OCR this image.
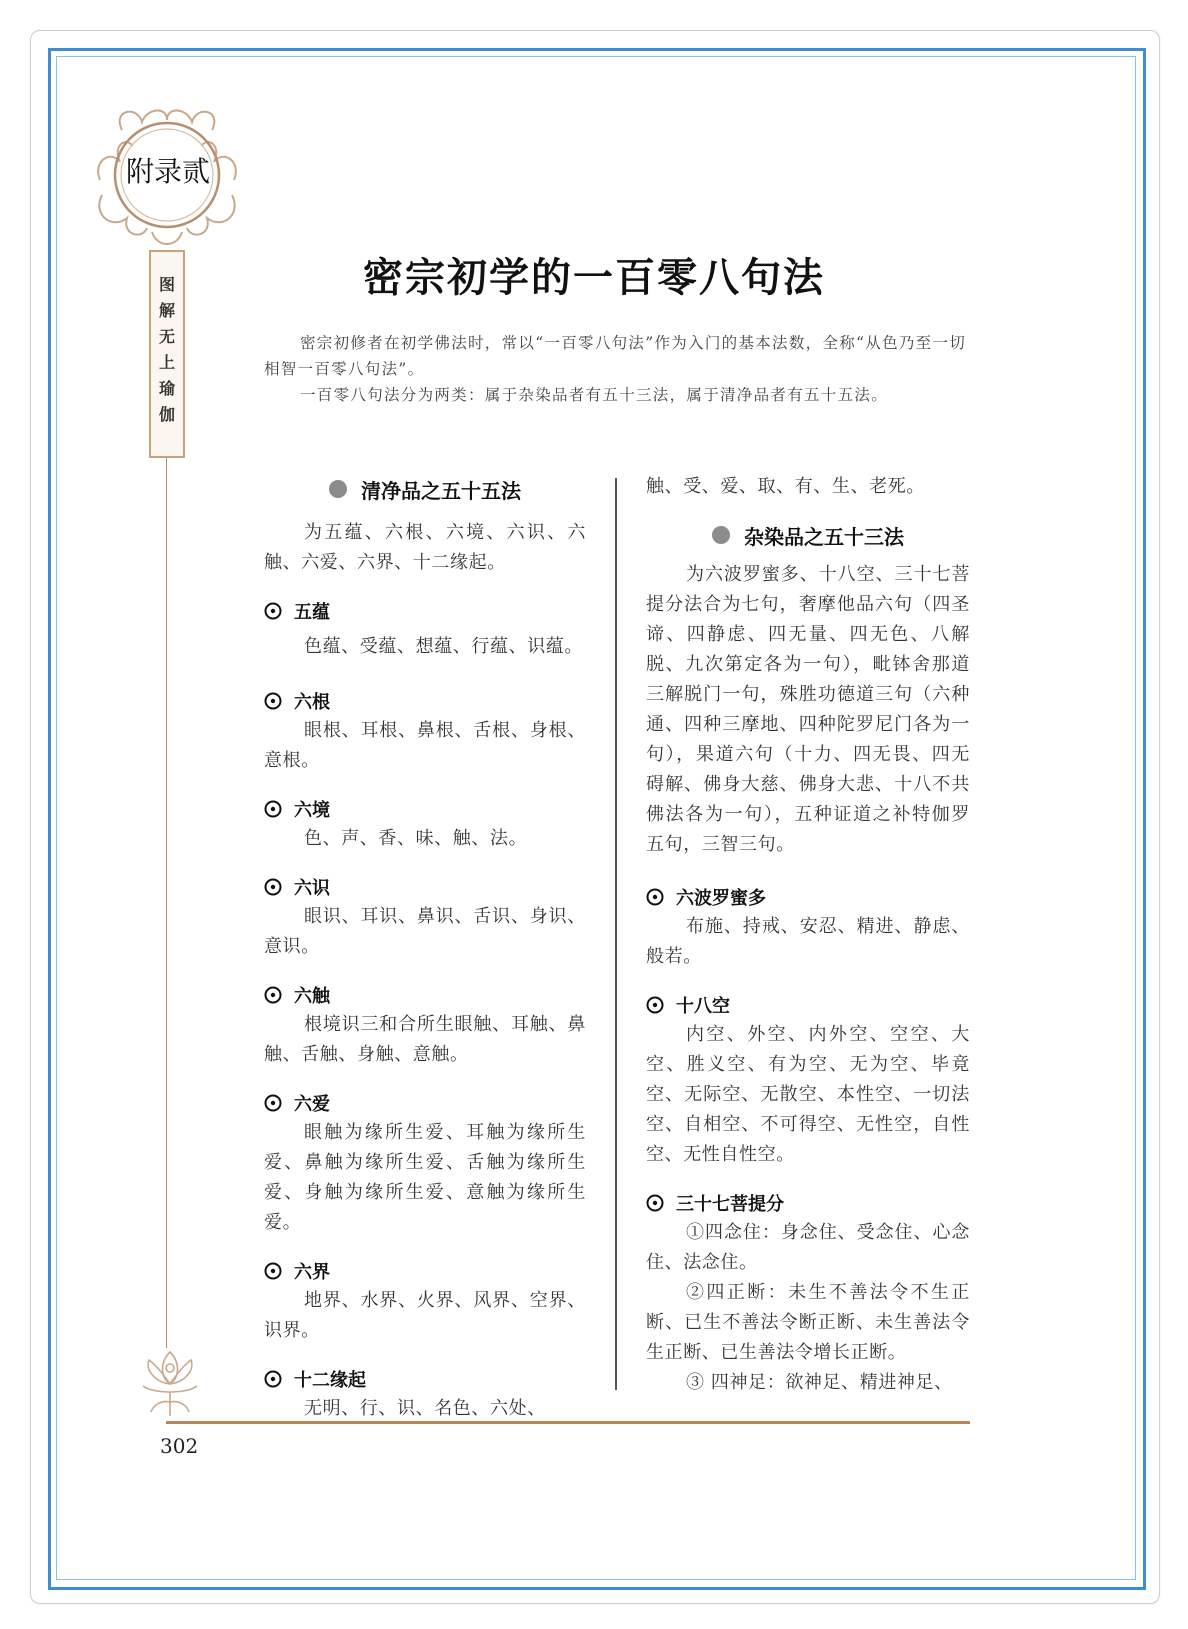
附录贰
图
解
无
上
瑜
伽
密宗初学的一百零八句法

密宗初修者在初学佛法时，常以“一百零八句法”作为入门的基本法数，全称“从色乃至一切相智一百零八句法”。

一百零八句法分为两类：属于杂染品者有五十三法，属于清净品者有五十五法。

清净品之五十五法

为五蕴、六根、六境、六识、六触、六爱、六界、十二缘起。

五蕴

色蕴、受蕴、想蕴、行蕴、识蕴。

六根

眼根、耳根、鼻根、舌根、身根、意根。

六境

色、声、香、味、触、法。

六识

眼识、耳识、鼻识、舌识、身识、意识。

六触

根境识三和合所生眼触、耳触、鼻触、舌触、身触、意触。

六爱

眼触为缘所生爱、耳触为缘所生爱、鼻触为缘所生爱、舌触为缘所生爱、身触为缘所生爱、意触为缘所生爱。

六界

地界、水界、火界、风界、空界、识界。

十二缘起

无明、行、识、名色、六处、

触、受、爱、取、有、生、老死。

杂染品之五十三法

为六波罗蜜多、十八空、三十七菩提分法合为七句，奢摩他品六句（四圣谛、四静虑、四无量、四无色、八解脱、九次第定各为一句），毗钵舍那道三解脱门一句，殊胜功德道三句（六种通、四种三摩地、四种陀罗尼门各为一句），果道六句（十力、四无畏、四无碍解、佛身大慈、佛身大悲、十八不共佛法各为一句），五种证道之补特伽罗五句，三智三句。

六波罗蜜多

布施、持戒、安忍、精进、静虑、般若。

十八空

内空、外空、内外空、空空、大空、胜义空、有为空、无为空、毕竟空、无际空、无散空、本性空、一切法空、自相空、不可得空、无性空，自性空、无性自性空。

三十七菩提分

①四念住：身念住、受念住、心念住、法念住。

②四正断：未生不善法令不生正断、已生不善法令断正断、未生善法令生正断、已生善法令增长正断。

③ 四神足：欲神足、精进神足、

302
